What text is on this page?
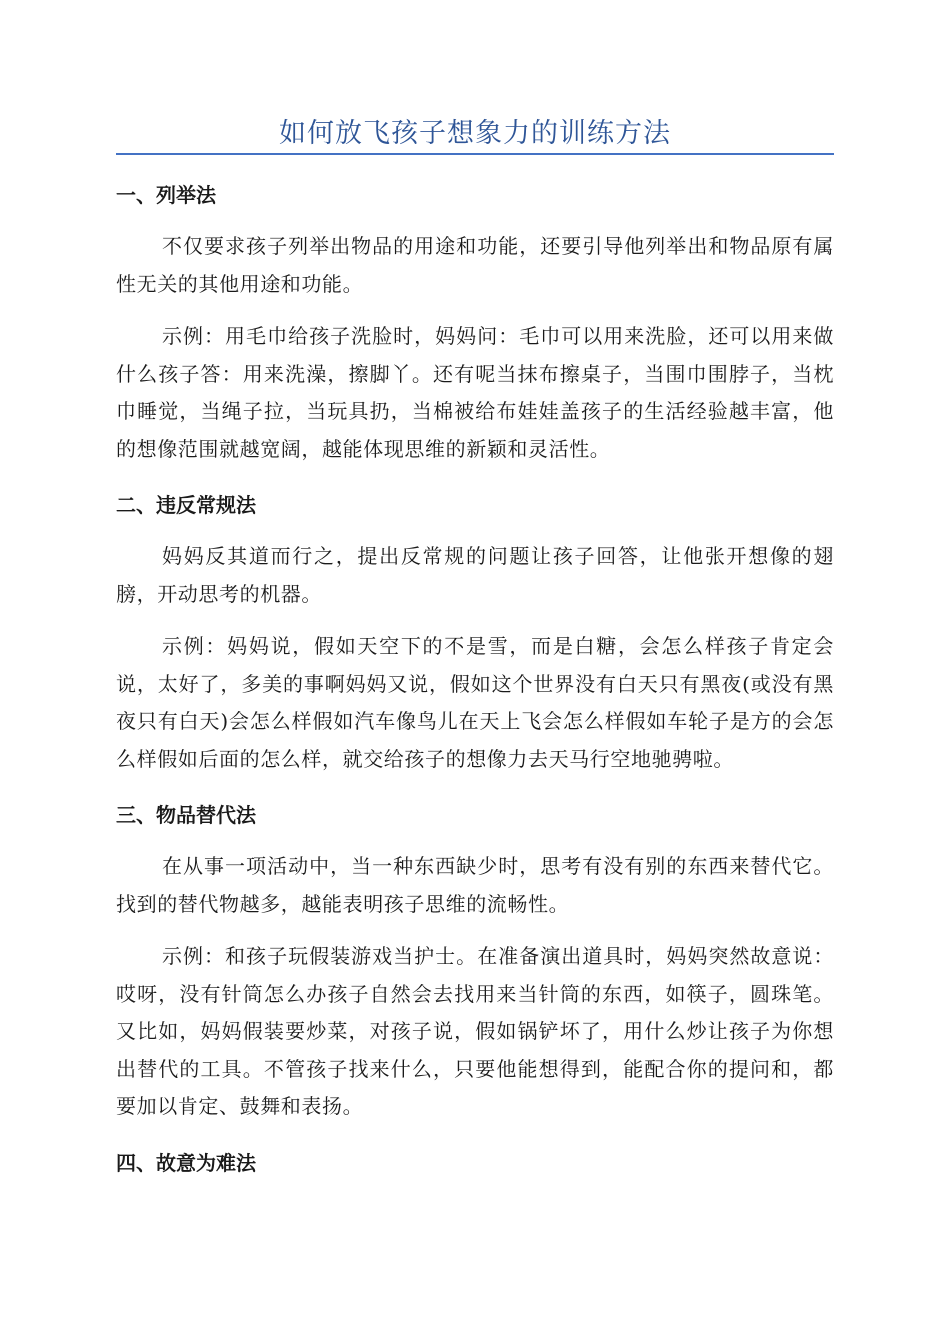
如何放飞孩子想象力的训练方法
一、列举法

不仅要求孩子列举出物品的用途和功能，还要引导他列举出和物品原有属性无关的其他用途和功能。

示例：用毛巾给孩子洗脸时，妈妈问：毛巾可以用来洗脸，还可以用来做什么孩子答：用来洗澡，擦脚丫。还有呢当抹布擦桌子，当围巾围脖子，当枕巾睡觉，当绳子拉，当玩具扔，当棉被给布娃娃盖孩子的生活经验越丰富，他的想像范围就越宽阔，越能体现思维的新颖和灵活性。

二、违反常规法

妈妈反其道而行之，提出反常规的问题让孩子回答，让他张开想像的翅膀，开动思考的机器。

示例：妈妈说，假如天空下的不是雪，而是白糖，会怎么样孩子肯定会说，太好了，多美的事啊妈妈又说，假如这个世界没有白天只有黑夜(或没有黑夜只有白天)会怎么样假如汽车像鸟儿在天上飞会怎么样假如车轮子是方的会怎么样假如后面的怎么样，就交给孩子的想像力去天马行空地驰骋啦。

三、物品替代法

在从事一项活动中，当一种东西缺少时，思考有没有别的东西来替代它。找到的替代物越多，越能表明孩子思维的流畅性。

示例：和孩子玩假装游戏当护士。在准备演出道具时，妈妈突然故意说：哎呀，没有针筒怎么办孩子自然会去找用来当针筒的东西，如筷子，圆珠笔。又比如，妈妈假装要炒菜，对孩子说，假如锅铲坏了，用什么炒让孩子为你想出替代的工具。不管孩子找来什么，只要他能想得到，能配合你的提问和，都要加以肯定、鼓舞和表扬。

四、故意为难法
